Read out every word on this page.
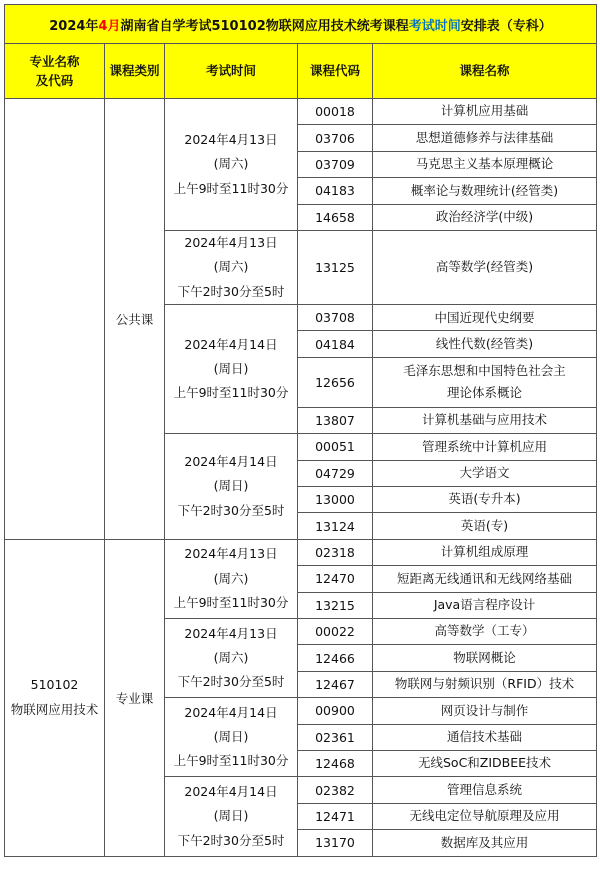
2024年4月湖南省自学考试510102物联网应用技术统考课程考试时间安排表（专科）				
专业名称
及代码	课程类别	考试时间	课程代码	课程名称

	公共课	2024年4月13日
(周六)
上午9时至11时30分	00018	计算机应用基础
			03706	思想道德修养与法律基础
			03709	马克思主义基本原理概论
			04183	概率论与数理统计(经管类)
			14658	政治经济学(中级)
		2024年4月13日
(周六)
下午2时30分至5时	13125	高等数学(经管类)
		2024年4月14日
(周日)
上午9时至11时30分	03708	中国近现代史纲要
			04184	线性代数(经管类)
			12656	毛泽东思想和中国特色社会主
理论体系概论
			13807	计算机基础与应用技术
		2024年4月14日
(周日)
下午2时30分至5时	00051	管理系统中计算机应用
			04729	大学语文
			13000	英语(专升本)
			13124	英语(专)
510102
物联网应用技术	专业课	2024年4月13日
(周六)
上午9时至11时30分	02318	计算机组成原理
			12470	短距离无线通讯和无线网络基础
			13215	Java语言程序设计
		2024年4月13日
(周六)
下午2时30分至5时	00022	高等数学（工专）
			12466	物联网概论
			12467	物联网与射频识别（RFID）技术
		2024年4月14日
(周日)
上午9时至11时30分	00900	网页设计与制作
			02361	通信技术基础
			12468	无线SoC和ZIDBEE技术
		2024年4月14日
(周日)
下午2时30分至5时	02382	管理信息系统
			12471	无线电定位导航原理及应用
			13170	数据库及其应用
